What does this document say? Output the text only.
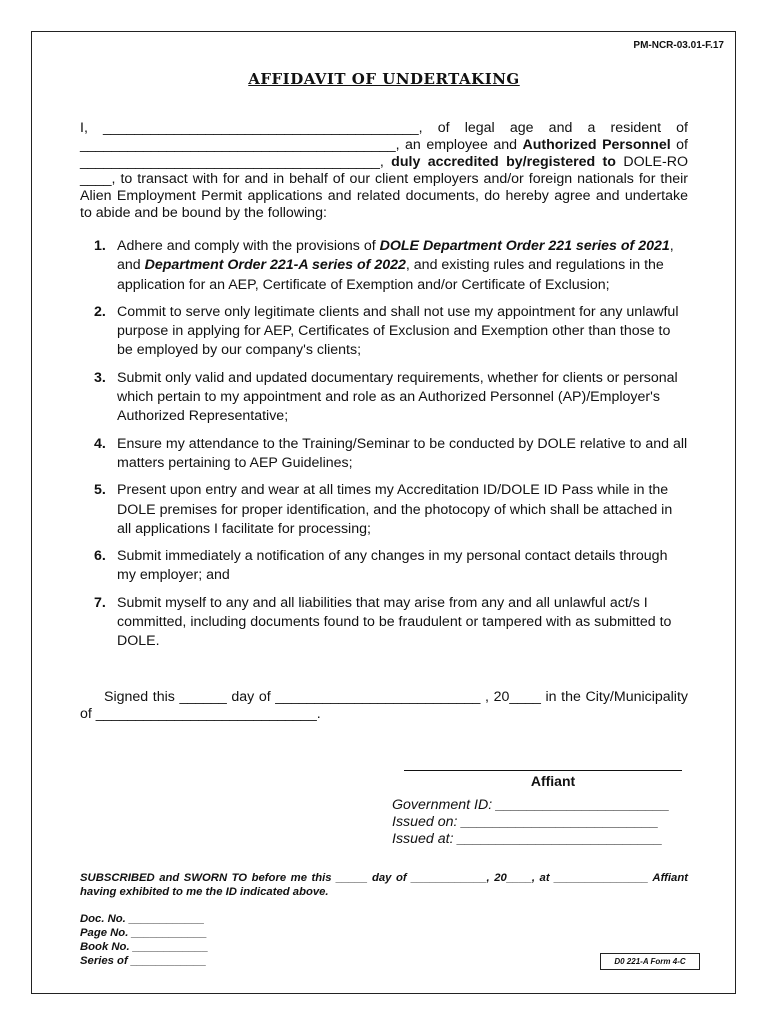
PM-NCR-03.01-F.17
AFFIDAVIT OF UNDERTAKING

I, ________________________________________, of legal age and a resident of ________________________________________, an employee and Authorized Personnel of ______________________________________, duly accredited by/registered to DOLE-RO ____, to transact with for and in behalf of our client employers and/or foreign nationals for their Alien Employment Permit applications and related documents, do hereby agree and undertake to abide and be bound by the following:

1. Adhere and comply with the provisions of DOLE Department Order 221 series of 2021, and Department Order 221-A series of 2022, and existing rules and regulations in the application for an AEP, Certificate of Exemption and/or Certificate of Exclusion;
2. Commit to serve only legitimate clients and shall not use my appointment for any unlawful purpose in applying for AEP, Certificates of Exclusion and Exemption other than those to be employed by our company's clients;
3. Submit only valid and updated documentary requirements, whether for clients or personal which pertain to my appointment and role as an Authorized Personnel (AP)/Employer's Authorized Representative;
4. Ensure my attendance to the Training/Seminar to be conducted by DOLE relative to and all matters pertaining to AEP Guidelines;
5. Present upon entry and wear at all times my Accreditation ID/DOLE ID Pass while in the DOLE premises for proper identification, and the photocopy of which shall be attached in all applications I facilitate for processing;
6. Submit immediately a notification of any changes in my personal contact details through my employer; and
7. Submit myself to any and all liabilities that may arise from any and all unlawful act/s I committed, including documents found to be fraudulent or tampered with as submitted to DOLE.

Signed this ______ day of __________________________ , 20____ in the City/Municipality of ____________________________.

Affiant
Government ID: ______________________
Issued on: _________________________
Issued at: __________________________

SUBSCRIBED and SWORN TO before me this _____ day of ____________, 20____, at _______________ Affiant having exhibited to me the ID indicated above.

Doc. No. ____________
Page No. ____________
Book No. ____________
Series of ____________	D0 221-A Form 4-C
